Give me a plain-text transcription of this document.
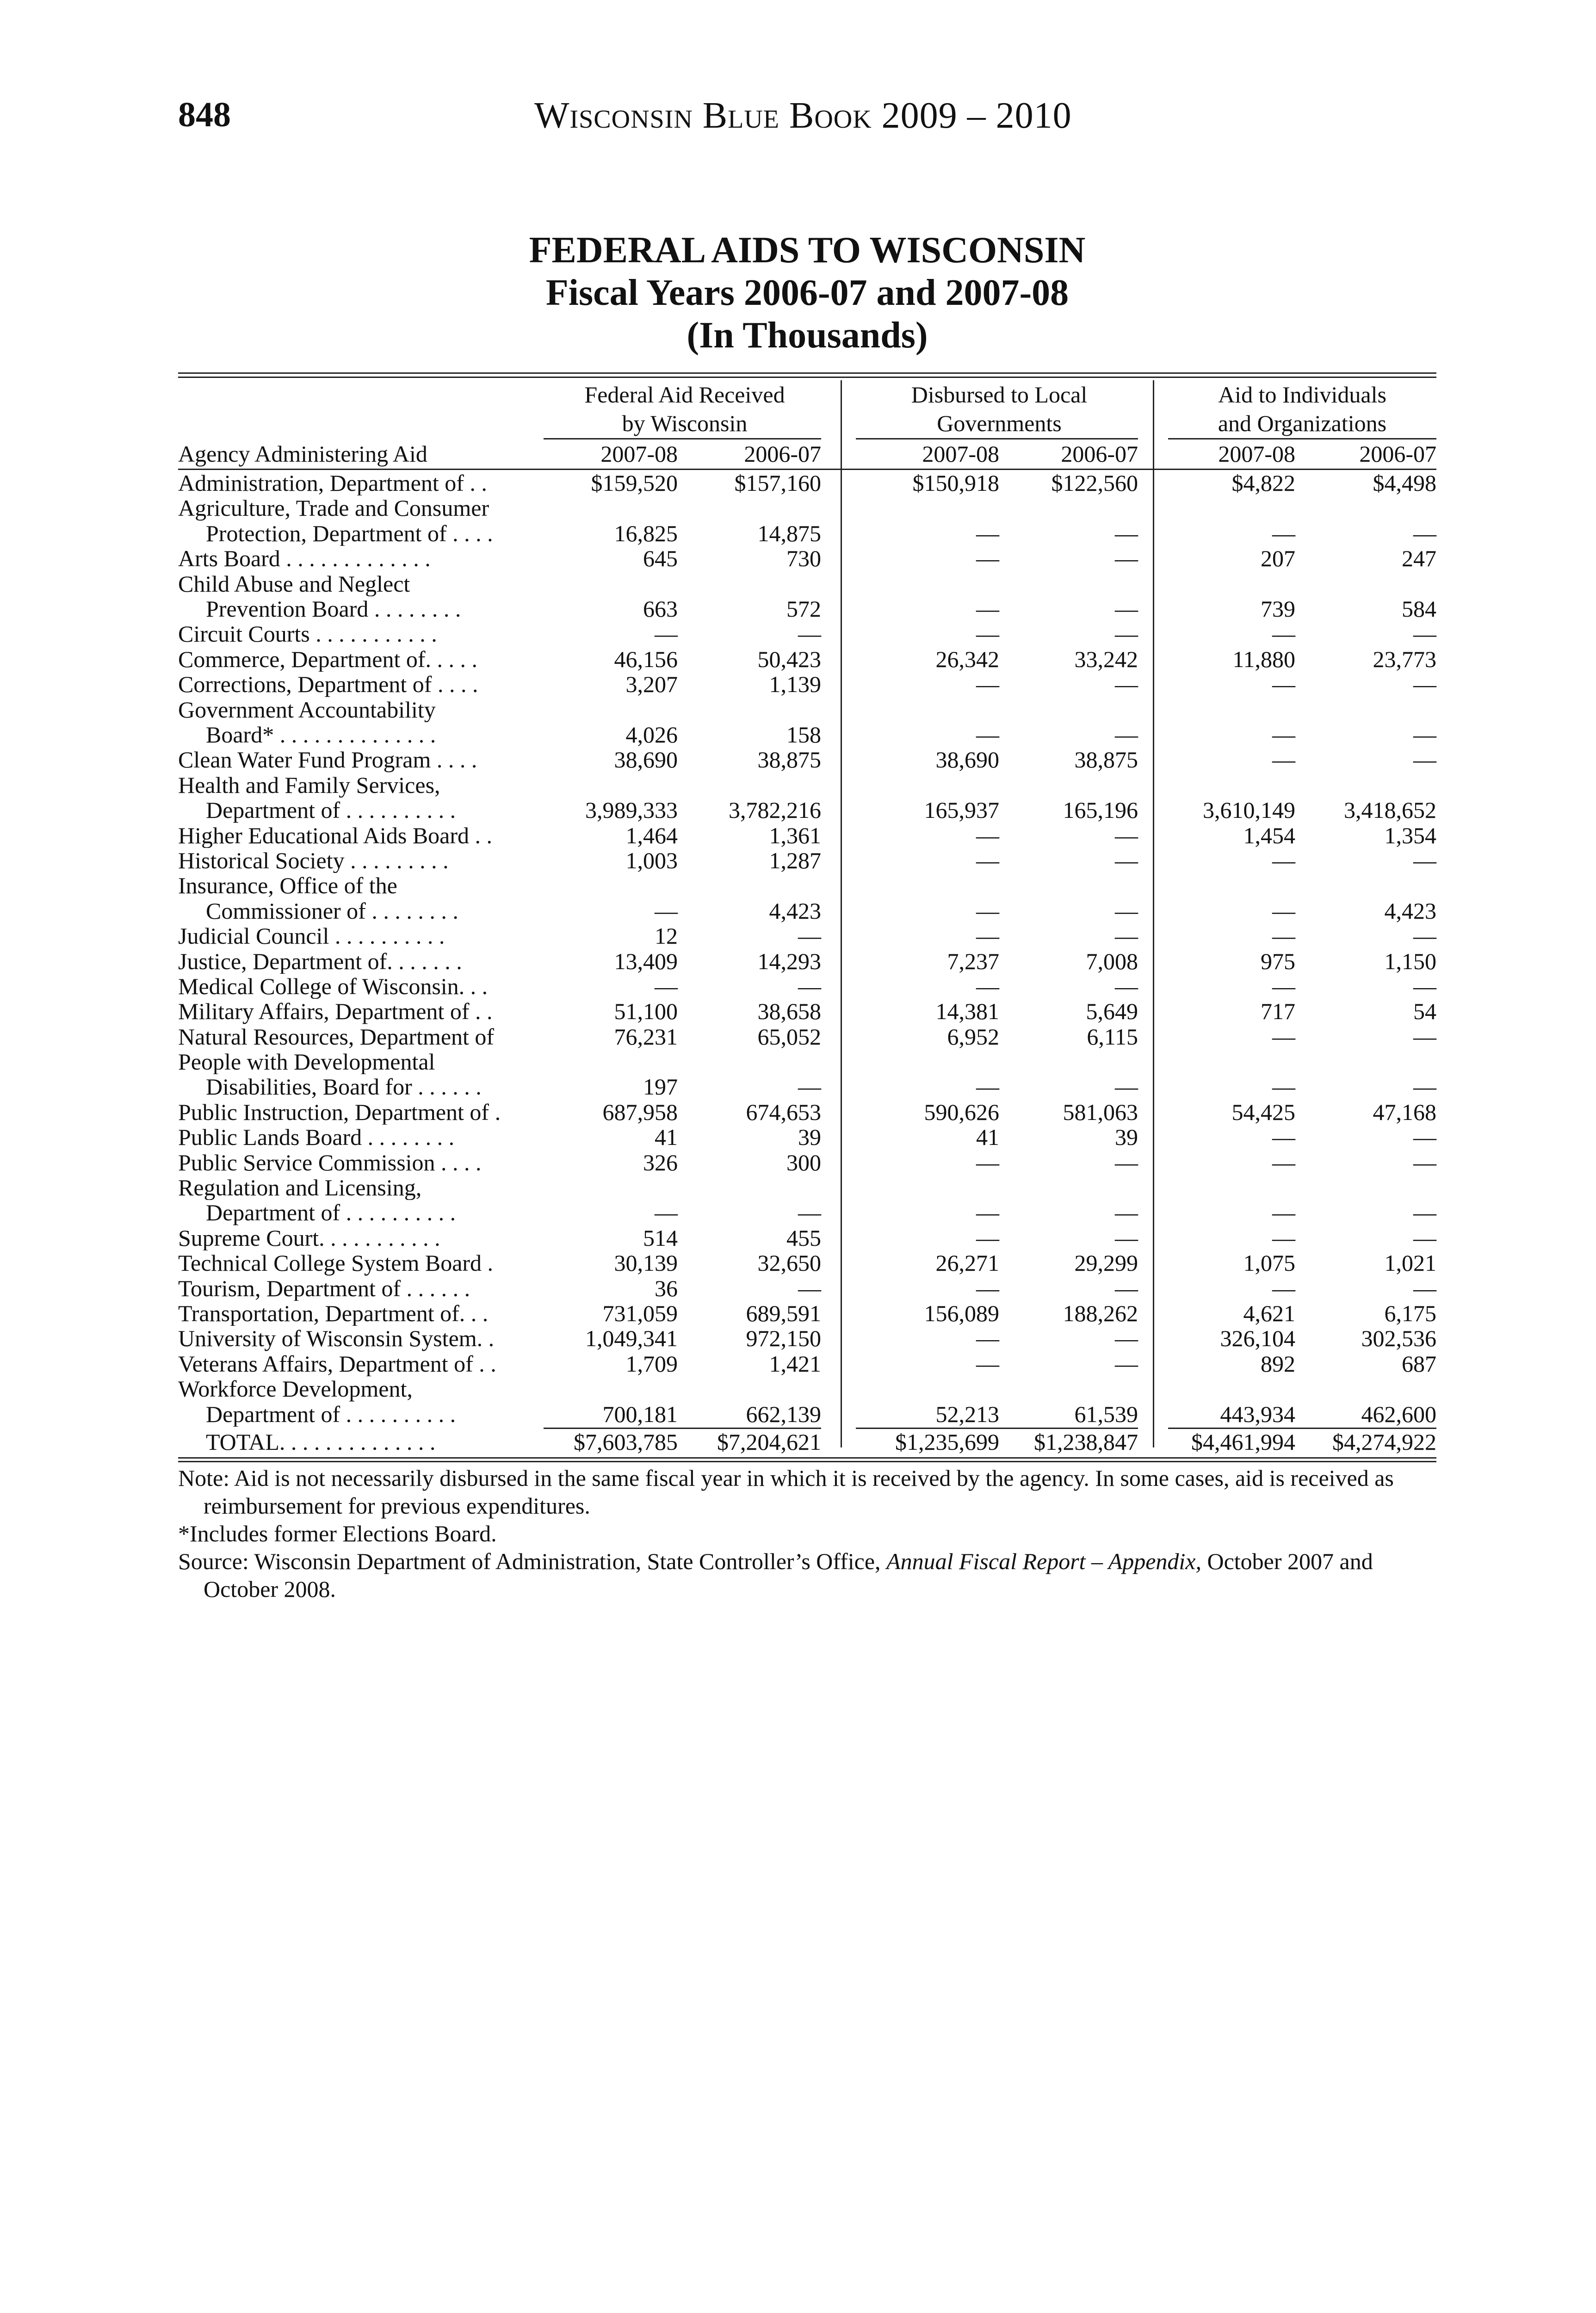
848	Wisconsin Blue Book 2009 – 2010
FEDERAL AIDS TO WISCONSIN
Fiscal Years 2006-07 and 2007-08
(In Thousands)
Federal Aid Received
by Wisconsin
Disbursed to Local
Governments
Aid to Individuals
and Organizations
Agency Administering Aid	2007-08	2006-07	2007-08	2006-07	2007-08	2006-07
Administration, Department of . .	$159,520	$157,160	$150,918	$122,560	$4,822	$4,498
Agriculture, Trade and Consumer
Protection, Department of . . . .	16,825	14,875	—	—	—	—
Arts Board . . . . . . . . . . . . .	645	730	—	—	207	247
Child Abuse and Neglect
Prevention Board . . . . . . . .	663	572	—	—	739	584
Circuit Courts . . . . . . . . . . .	—	—	—	—	—	—
Commerce, Department of. . . . .	46,156	50,423	26,342	33,242	11,880	23,773
Corrections, Department of . . . .	3,207	1,139	—	—	—	—
Government Accountability
Board* . . . . . . . . . . . . . .	4,026	158	—	—	—	—
Clean Water Fund Program . . . .	38,690	38,875	38,690	38,875	—	—
Health and Family Services,
Department of . . . . . . . . . .	3,989,333	3,782,216	165,937	165,196	3,610,149	3,418,652
Higher Educational Aids Board . .	1,464	1,361	—	—	1,454	1,354
Historical Society . . . . . . . . .	1,003	1,287	—	—	—	—
Insurance, Office of the
Commissioner of . . . . . . . .	—	4,423	—	—	—	4,423
Judicial Council . . . . . . . . . .	12	—	—	—	—	—
Justice, Department of. . . . . . .	13,409	14,293	7,237	7,008	975	1,150
Medical College of Wisconsin. . .	—	—	—	—	—	—
Military Affairs, Department of . .	51,100	38,658	14,381	5,649	717	54
Natural Resources, Department of	76,231	65,052	6,952	6,115	—	—
People with Developmental
Disabilities, Board for . . . . . .	197	—	—	—	—	—
Public Instruction, Department of .	687,958	674,653	590,626	581,063	54,425	47,168
Public Lands Board . . . . . . . .	41	39	41	39	—	—
Public Service Commission . . . .	326	300	—	—	—	—
Regulation and Licensing,
Department of . . . . . . . . . .	—	—	—	—	—	—
Supreme Court. . . . . . . . . . .	514	455	—	—	—	—
Technical College System Board .	30,139	32,650	26,271	29,299	1,075	1,021
Tourism, Department of . . . . . .	36	—	—	—	—	—
Transportation, Department of. . .	731,059	689,591	156,089	188,262	4,621	6,175
University of Wisconsin System. .	1,049,341	972,150	—	—	326,104	302,536
Veterans Affairs, Department of . .	1,709	1,421	—	—	892	687
Workforce Development,
Department of . . . . . . . . . .	700,181	662,139	52,213	61,539	443,934	462,600
TOTAL. . . . . . . . . . . . . .	$7,603,785	$7,204,621	$1,235,699	$1,238,847	$4,461,994	$4,274,922

Note: Aid is not necessarily disbursed in the same fiscal year in which it is received by the agency. In some cases, aid is received as reimbursement for previous expenditures.

*Includes former Elections Board.

Source: Wisconsin Department of Administration, State Controller’s Office, Annual Fiscal Report – Appendix, October 2007 and October 2008.
